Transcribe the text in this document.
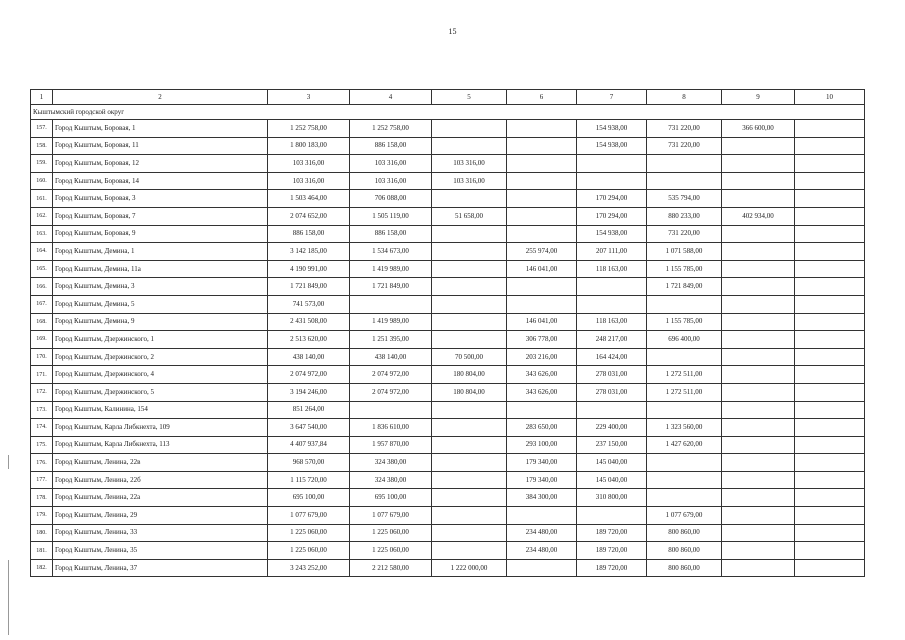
15
1	2	3	4	5	6	7	8	9	10
Кыштымский городской округ									
157.	Город Кыштым, Боровая, 1	1 252 758,00	1 252 758,00			154 938,00	731 220,00	366 600,00	
158.	Город Кыштым, Боровая, 11	1 800 183,00	886 158,00			154 938,00	731 220,00		
159.	Город Кыштым, Боровая, 12	103 316,00	103 316,00	103 316,00					
160.	Город Кыштым, Боровая, 14	103 316,00	103 316,00	103 316,00					
161.	Город Кыштым, Боровая, 3	1 503 464,00	706 088,00			170 294,00	535 794,00		
162.	Город Кыштым, Боровая, 7	2 074 652,00	1 505 119,00	51 658,00		170 294,00	880 233,00	402 934,00	
163.	Город Кыштым, Боровая, 9	886 158,00	886 158,00			154 938,00	731 220,00		
164.	Город Кыштым, Демина, 1	3 142 185,00	1 534 673,00		255 974,00	207 111,00	1 071 588,00		
165.	Город Кыштым, Демина, 11а	4 190 991,00	1 419 989,00		146 041,00	118 163,00	1 155 785,00		
166.	Город Кыштым, Демина, 3	1 721 849,00	1 721 849,00				1 721 849,00		
167.	Город Кыштым, Демина, 5	741 573,00							
168.	Город Кыштым, Демина, 9	2 431 508,00	1 419 989,00		146 041,00	118 163,00	1 155 785,00		
169.	Город Кыштым, Дзержинского, 1	2 513 620,00	1 251 395,00		306 778,00	248 217,00	696 400,00		
170.	Город Кыштым, Дзержинского, 2	438 140,00	438 140,00	70 500,00	203 216,00	164 424,00			
171.	Город Кыштым, Дзержинского, 4	2 074 972,00	2 074 972,00	180 804,00	343 626,00	278 031,00	1 272 511,00		
172.	Город Кыштым, Дзержинского, 5	3 194 246,00	2 074 972,00	180 804,00	343 626,00	278 031,00	1 272 511,00		
173.	Город Кыштым, Калинина, 154	851 264,00							
174.	Город Кыштым, Карла Либкнехта, 109	3 647 540,00	1 836 610,00		283 650,00	229 400,00	1 323 560,00		
175.	Город Кыштым, Карла Либкнехта, 113	4 407 937,84	1 957 870,00		293 100,00	237 150,00	1 427 620,00		
176.	Город Кыштым, Ленина, 22в	968 570,00	324 380,00		179 340,00	145 040,00			
177.	Город Кыштым, Ленина, 22б	1 115 720,00	324 380,00		179 340,00	145 040,00			
178.	Город Кыштым, Ленина, 22а	695 100,00	695 100,00		384 300,00	310 800,00			
179.	Город Кыштым, Ленина, 29	1 077 679,00	1 077 679,00				1 077 679,00		
180.	Город Кыштым, Ленина, 33	1 225 060,00	1 225 060,00		234 480,00	189 720,00	800 860,00		
181.	Город Кыштым, Ленина, 35	1 225 060,00	1 225 060,00		234 480,00	189 720,00	800 860,00		
182.	Город Кыштым, Ленина, 37	3 243 252,00	2 212 580,00	1 222 000,00		189 720,00	800 860,00		
